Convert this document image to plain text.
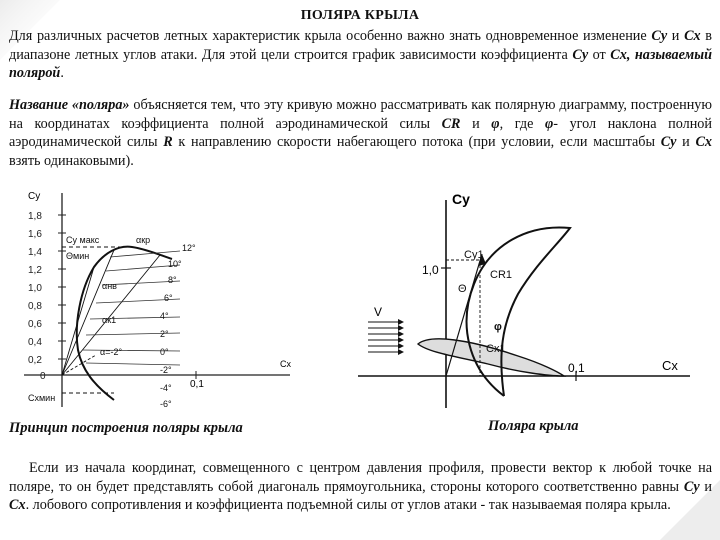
ПОЛЯРА КРЫЛА
Для различных расчетов летных характеристик крыла особенно важно знать одновременное изменение Cy и Cx в диапазоне летных углов атаки. Для этой цели строится график зависимости коэффициента Cy от Cx, называемый полярой.
Название «поляра» объясняется тем, что эту кривую можно рассматривать как полярную диаграмму, построенную на координатах коэффициента полной аэродинамической силы CR и φ, где φ- угол наклона полной аэродинамической силы R к направлению скорости набегающего потока (при условии, если масштабы Cy и Cx взять одинаковыми).
Cy
Cx
1,8
1,6
1,4
1,2
1,0
0,8
0,6
0,4
0,2
0
0,1
Cy макс
Θмин
αкр
αнв
αк1
α=-2°
Cxмин
12°
10°
8°
6°
4°
2°
0°
-2°
-4°
-6°
Cy
Cx
1,0
0,1
V
Cy1
CR1
Θ
φ
Cx1
Принцип построения поляры крыла	Поляра крыла
Если из начала координат, совмещенного с центром давления профиля, провести вектор к любой точке на поляре, то он будет представлять собой диагональ прямоугольника, стороны которого соответственно равны Cy и Cx. лобового сопротивления и коэффициента подъемной силы от углов атаки - так называемая поляра крыла.
